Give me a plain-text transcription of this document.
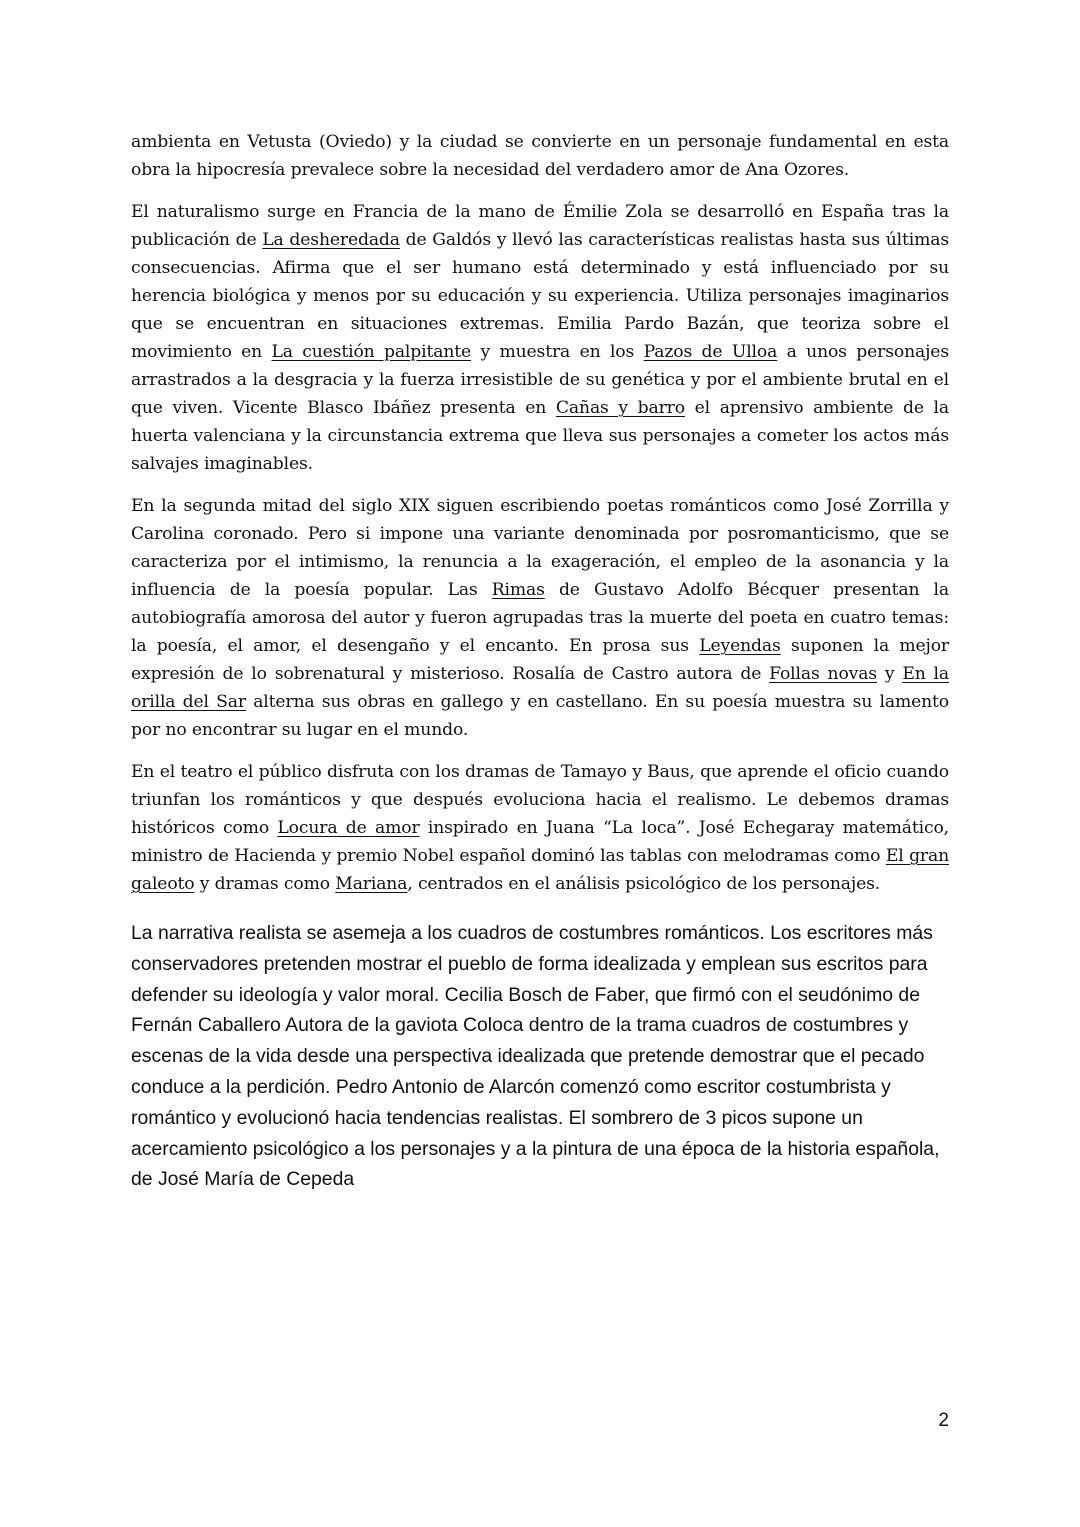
ambienta en Vetusta (Oviedo) y la ciudad se convierte en un personaje fundamental en esta obra la hipocresía prevalece sobre la necesidad del verdadero amor de Ana Ozores.

El naturalismo surge en Francia de la mano de Émilie Zola se desarrolló en España tras la publicación de La desheredada de Galdós y llevó las características realistas hasta sus últimas consecuencias. Afirma que el ser humano está determinado y está influenciado por su herencia biológica y menos por su educación y su experiencia. Utiliza personajes imaginarios que se encuentran en situaciones extremas. Emilia Pardo Bazán, que teoriza sobre el movimiento en La cuestión palpitante y muestra en los Pazos de Ulloa a unos personajes arrastrados a la desgracia y la fuerza irresistible de su genética y por el ambiente brutal en el que viven. Vicente Blasco Ibáñez presenta en Cañas y barro el aprensivo ambiente de la huerta valenciana y la circunstancia extrema que lleva sus personajes a cometer los actos más salvajes imaginables.

En la segunda mitad del siglo XIX siguen escribiendo poetas románticos como José Zorrilla y Carolina coronado. Pero si impone una variante denominada por posromanticismo, que se caracteriza por el intimismo, la renuncia a la exageración, el empleo de la asonancia y la influencia de la poesía popular. Las Rimas de Gustavo Adolfo Bécquer presentan la autobiografía amorosa del autor y fueron agrupadas tras la muerte del poeta en cuatro temas: la poesía, el amor, el desengaño y el encanto. En prosa sus Leyendas suponen la mejor expresión de lo sobrenatural y misterioso. Rosalía de Castro autora de Follas novas y En la orilla del Sar alterna sus obras en gallego y en castellano. En su poesía muestra su lamento por no encontrar su lugar en el mundo.

En el teatro el público disfruta con los dramas de Tamayo y Baus, que aprende el oficio cuando triunfan los románticos y que después evoluciona hacia el realismo. Le debemos dramas históricos como Locura de amor inspirado en Juana “La loca”. José Echegaray matemático, ministro de Hacienda y premio Nobel español dominó las tablas con melodramas como El gran galeoto y dramas como Mariana, centrados en el análisis psicológico de los personajes.

La narrativa realista se asemeja a los cuadros de costumbres románticos. Los escritores más conservadores pretenden mostrar el pueblo de forma idealizada y emplean sus escritos para defender su ideología y valor moral. Cecilia Bosch de Faber, que firmó con el seudónimo de Fernán Caballero Autora de la gaviota Coloca dentro de la trama cuadros de costumbres y escenas de la vida desde una perspectiva idealizada que pretende demostrar que el pecado conduce a la perdición. Pedro Antonio de Alarcón comenzó como escritor costumbrista y romántico y evolucionó hacia tendencias realistas. El sombrero de 3 picos supone un acercamiento psicológico a los personajes y a la pintura de una época de la historia española, de José María de Cepeda

2
